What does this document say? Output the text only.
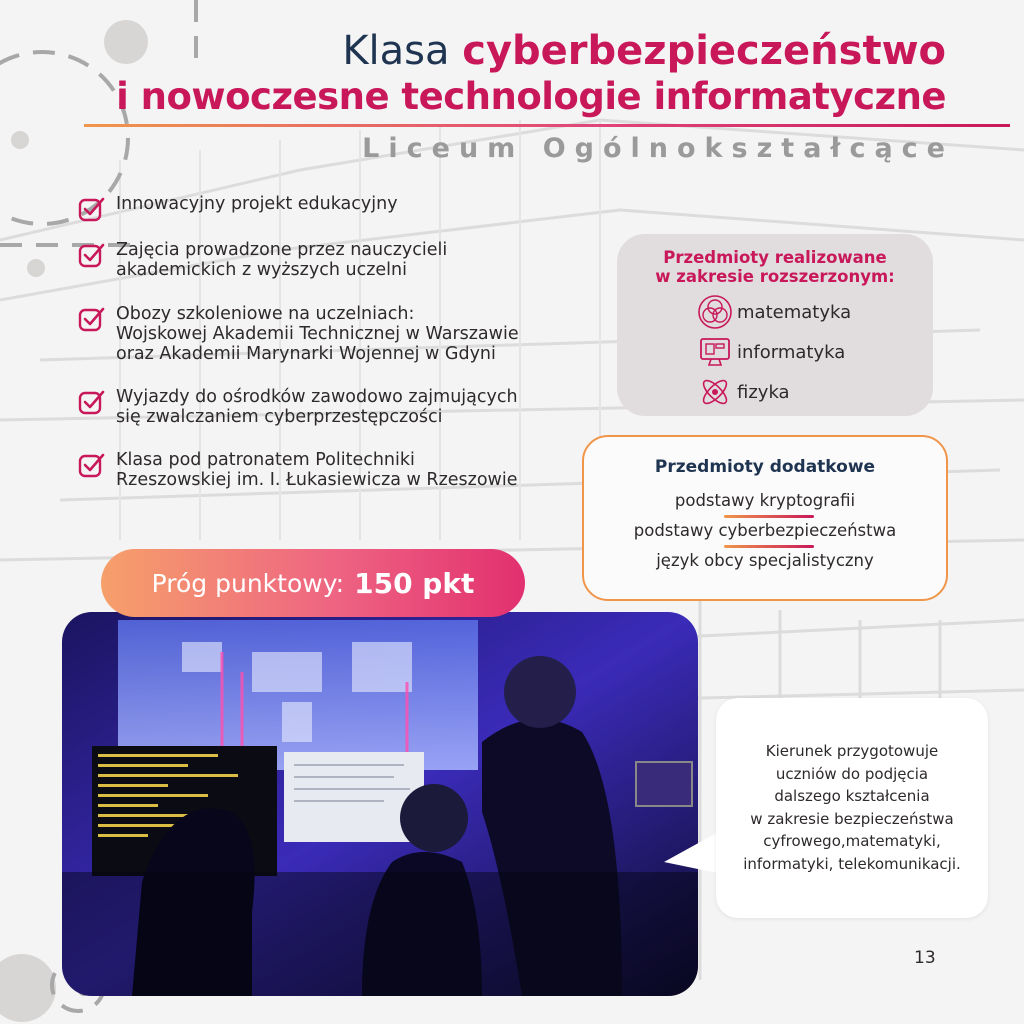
Klasa cyberbezpieczeństwo
i nowoczesne technologie informatyczne
Liceum Ogólnokształcące
Innowacyjny projekt edukacyjny
Zajęcia prowadzone przez nauczycieli
akademickich z wyższych uczelni
Obozy szkoleniowe na uczelniach:
Wojskowej Akademii Technicznej w Warszawie
oraz Akademii Marynarki Wojennej w Gdyni
Wyjazdy do ośrodków zawodowo zajmujących
się zwalczaniem cyberprzestępczości
Klasa pod patronatem Politechniki
Rzeszowskiej im. I. Łukasiewicza w Rzeszowie
Przedmioty realizowane
w zakresie rozszerzonym:
matematyka
informatyka
fizyka
Przedmioty dodatkowe
podstawy kryptografii
podstawy cyberbezpieczeństwa
język obcy specjalistyczny
Próg punktowy: 150 pkt
Kierunek przygotowuje
uczniów do podjęcia
dalszego kształcenia
w zakresie bezpieczeństwa
cyfrowego,matematyki,
informatyki, telekomunikacji.
13
